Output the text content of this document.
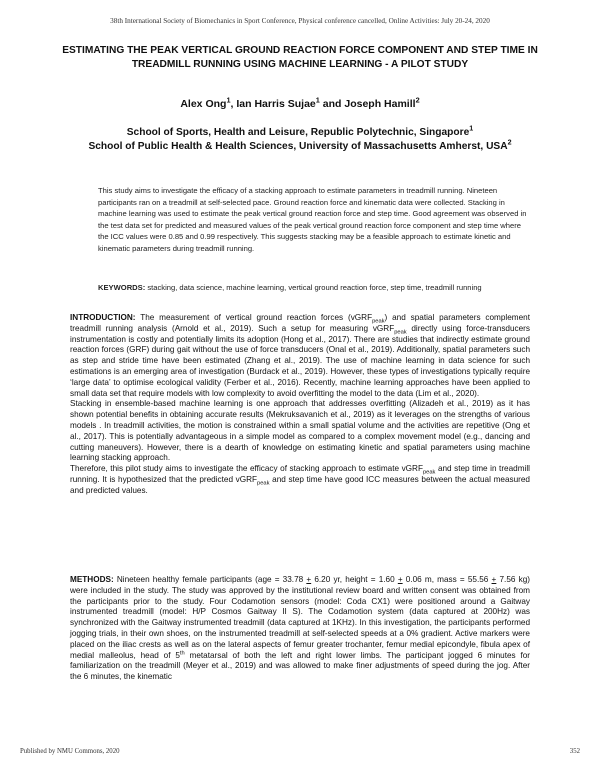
38th International Society of Biomechanics in Sport Conference, Physical conference cancelled, Online Activities: July 20-24, 2020
ESTIMATING THE PEAK VERTICAL GROUND REACTION FORCE COMPONENT AND STEP TIME IN TREADMILL RUNNING USING MACHINE LEARNING - A PILOT STUDY
Alex Ong$^1$, Ian Harris Sujae$^1$ and Joseph Hamill$^2$
School of Sports, Health and Leisure, Republic Polytechnic, Singapore$^1$
School of Public Health & Health Sciences, University of Massachusetts Amherst, USA$^2$
This study aims to investigate the efficacy of a stacking approach to estimate parameters in treadmill running. Nineteen participants ran on a treadmill at self-selected pace. Ground reaction force and kinematic data were collected. Stacking in machine learning was used to estimate the peak vertical ground reaction force and step time. Good agreement was observed in the test data set for predicted and measured values of the peak vertical ground reaction force component and step time where the ICC values were 0.85 and 0.99 respectively. This suggests stacking may be a feasible approach to estimate kinetic and kinematic parameters during treadmill running.
KEYWORDS: stacking, data science, machine learning, vertical ground reaction force, step time, treadmill running

INTRODUCTION: The measurement of vertical ground reaction forces (vGRF$_{peak}$) and spatial parameters complement treadmill running analysis (Arnold et al., 2019). Such a setup for measuring vGRF$_{peak}$ directly using force-transducers instrumentation is costly and potentially limits its adoption (Hong et al., 2017). There are studies that indirectly estimate ground reaction forces (GRF) during gait without the use of force transducers (Onal et al., 2019). Additionally, spatial parameters such as step and stride time have been estimated (Zhang et al., 2019). The use of machine learning in data science for such estimations is an emerging area of investigation (Burdack et al., 2019). However, these types of investigations typically require ‘large data’ to optimise ecological validity (Ferber et al., 2016). Recently, machine learning approaches have been applied to small data set that require models with low complexity to avoid overfitting the model to the data (Lim et al., 2020).

Stacking in ensemble-based machine learning is one approach that addresses overfitting (Alizadeh et al., 2019) as it has shown potential benefits in obtaining accurate results (Mekruksavanich et al., 2019) as it leverages on the strengths of various models . In treadmill activities, the motion is constrained within a small spatial volume and the activities are repetitive (Ong et al., 2017). This is potentially advantageous in a simple model as compared to a complex movement model (e.g., dancing and cutting maneuvers). However, there is a dearth of knowledge on estimating kinetic and spatial parameters using machine learning stacking approach.

Therefore, this pilot study aims to investigate the efficacy of stacking approach to estimate vGRF$_{peak}$ and step time in treadmill running. It is hypothesized that the predicted vGRF$_{peak}$ and step time have good ICC measures between the actual measured and predicted values.

METHODS: Nineteen healthy female participants (age = 33.78 + 6.20 yr, height = 1.60 + 0.06 m, mass = 55.56 + 7.56 kg) were included in the study. The study was approved by the institutional review board and written consent was obtained from the participants prior to the study. Four Codamotion sensors (model: Coda CX1) were positioned around a Gaitway instrumented treadmill (model: H/P Cosmos Gaitway II S). The Codamotion system (data captured at 200Hz) was synchronized with the Gaitway instrumented treadmill (data captured at 1KHz). In this investigation, the participants performed jogging trials, in their own shoes, on the instrumented treadmill at self-selected speeds at a 0% gradient. Active markers were placed on the iliac crests as well as on the lateral aspects of femur greater trochanter, femur medial epicondyle, fibula apex of medial malleolus, head of 5th metatarsal of both the left and right lower limbs. The participant jogged 6 minutes for familiarization on the treadmill (Meyer et al., 2019) and was allowed to make finer adjustments of speed during the jog. After the 6 minutes, the kinematic

Published by NMU Commons, 2020	352
